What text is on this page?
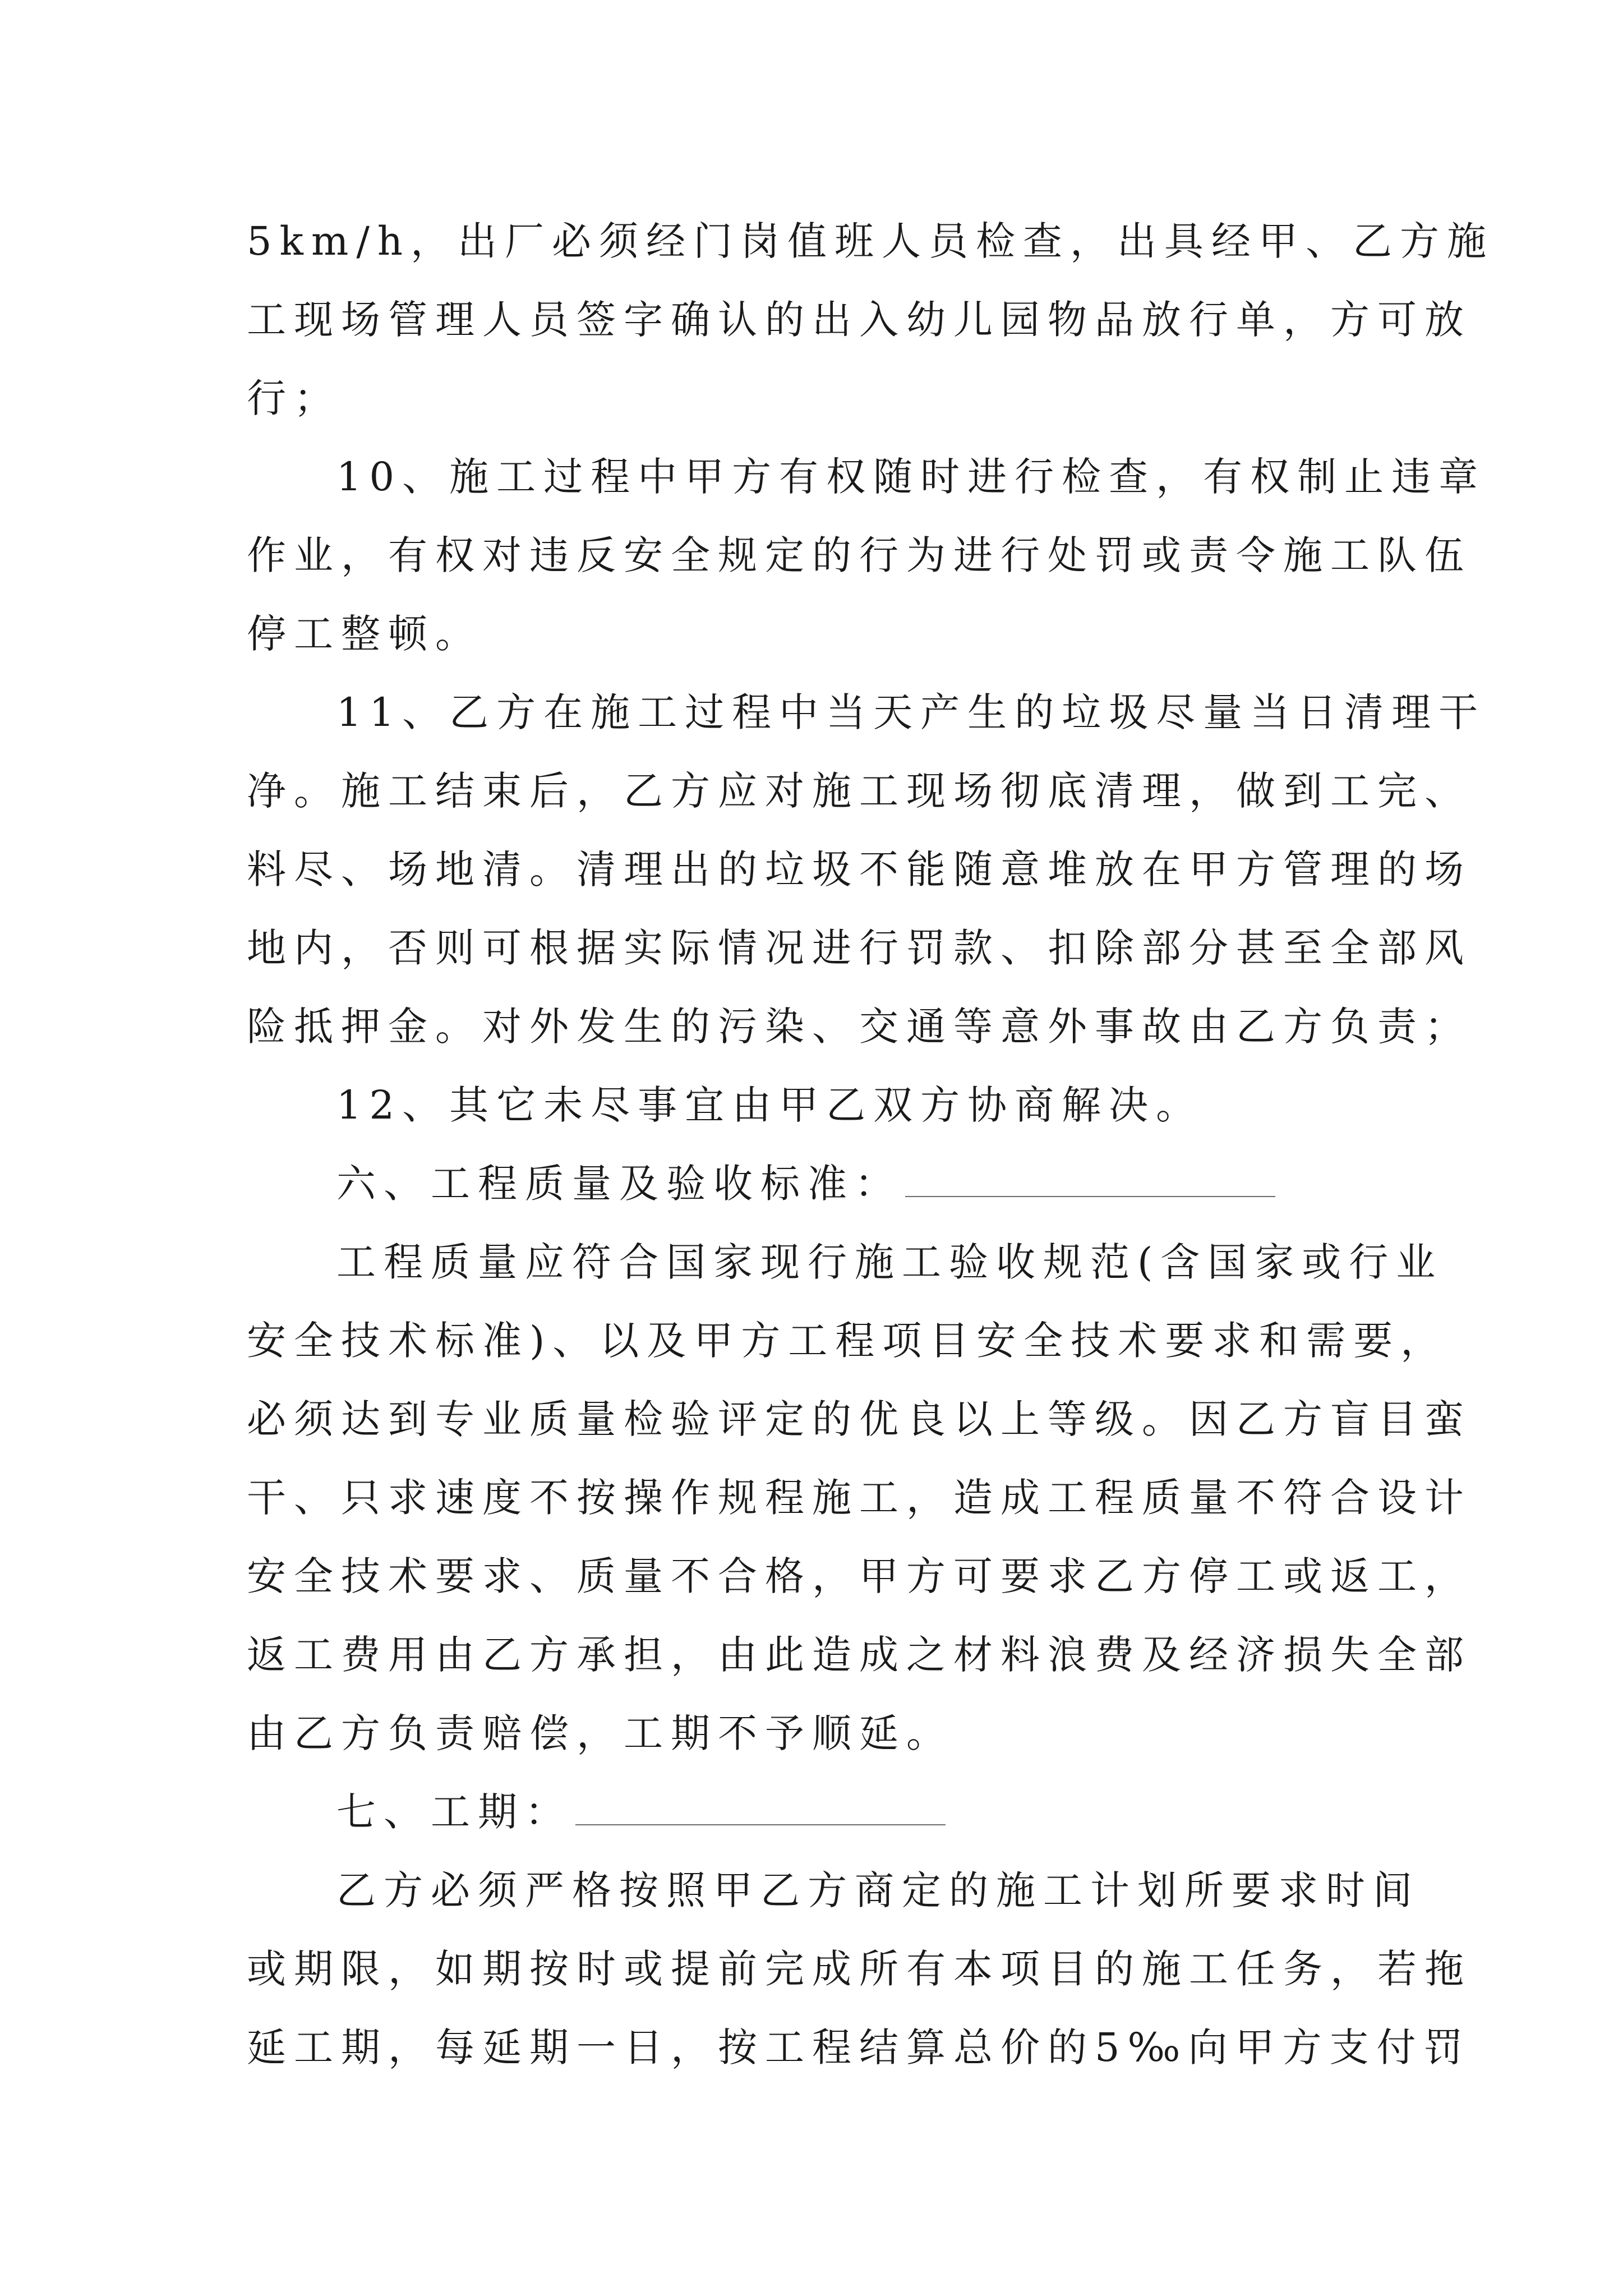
5km/h，出厂必须经门岗值班人员检查，出具经甲、乙方施
工现场管理人员签字确认的出入幼儿园物品放行单，方可放
行；
10、施工过程中甲方有权随时进行检查，有权制止违章
作业，有权对违反安全规定的行为进行处罚或责令施工队伍
停工整顿。
11、乙方在施工过程中当天产生的垃圾尽量当日清理干
净。施工结束后，乙方应对施工现场彻底清理，做到工完、
料尽、场地清。清理出的垃圾不能随意堆放在甲方管理的场
地内，否则可根据实际情况进行罚款、扣除部分甚至全部风
险抵押金。对外发生的污染、交通等意外事故由乙方负责；
12、其它未尽事宜由甲乙双方协商解决。
六、工程质量及验收标准：
工程质量应符合国家现行施工验收规范(含国家或行业
安全技术标准)、以及甲方工程项目安全技术要求和需要，
必须达到专业质量检验评定的优良以上等级。因乙方盲目蛮
干、只求速度不按操作规程施工，造成工程质量不符合设计
安全技术要求、质量不合格，甲方可要求乙方停工或返工，
返工费用由乙方承担，由此造成之材料浪费及经济损失全部
由乙方负责赔偿，工期不予顺延。
七、工期：
乙方必须严格按照甲乙方商定的施工计划所要求时间
或期限，如期按时或提前完成所有本项目的施工任务，若拖
延工期，每延期一日，按工程结算总价的5‰向甲方支付罚
